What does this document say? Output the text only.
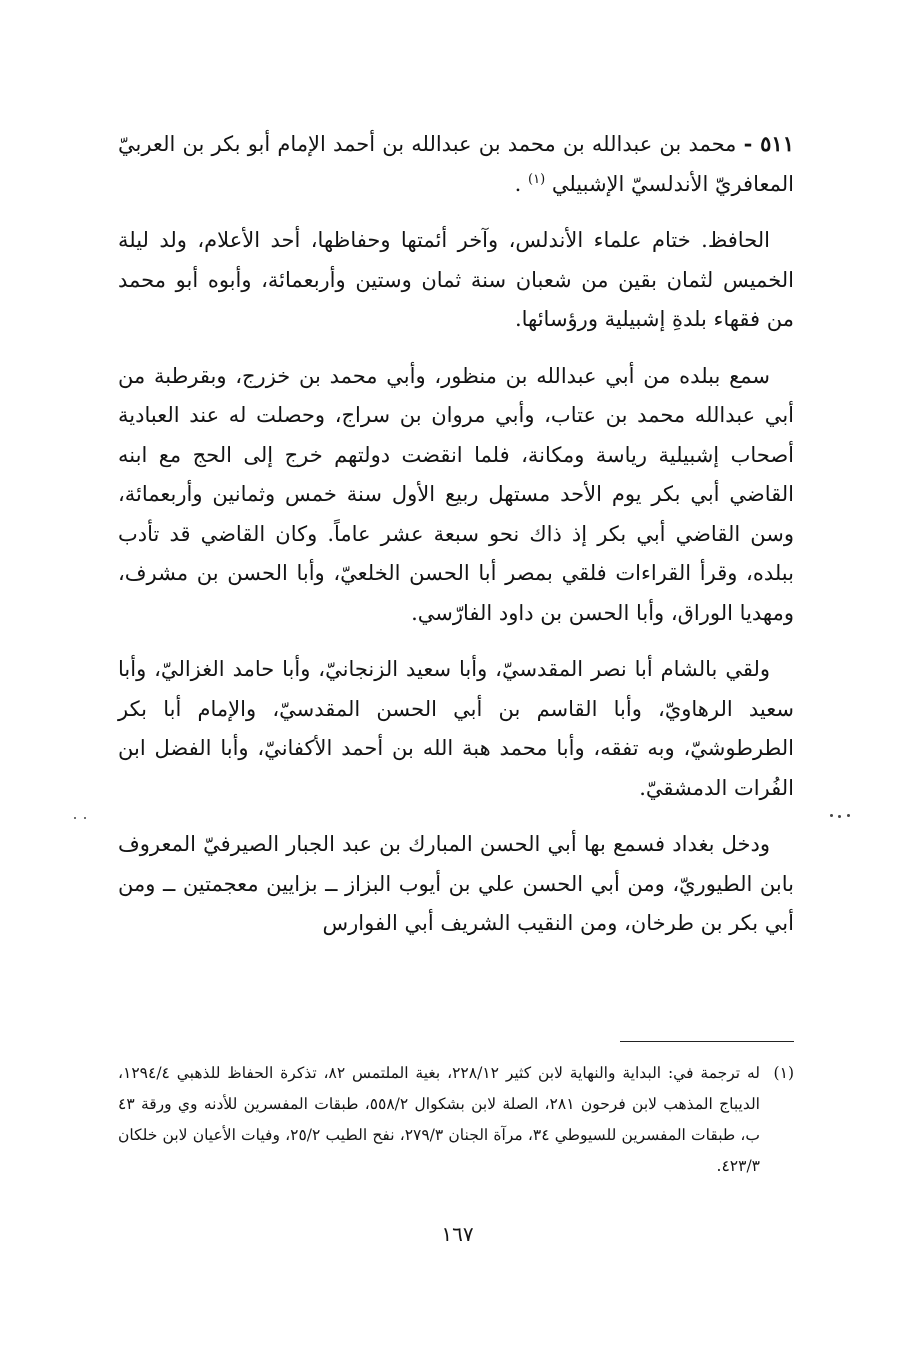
٥١١ - محمد بن عبدالله بن محمد بن عبدالله بن أحمد الإمام أبو بكر بن العربيّ المعافريّ الأندلسيّ الإشبيلي $^{(١)}$ .

الحافظ. ختام علماء الأندلس، وآخر أئمتها وحفاظها، أحد الأعلام، ولد ليلة الخميس لثمان بقين من شعبان سنة ثمان وستين وأربعمائة، وأبوه أبو محمد من فقهاء بلدةِ إشبيلية ورؤسائها.

سمع ببلده من أبي عبدالله بن منظور، وأبي محمد بن خزرج، وبقرطبة من أبي عبدالله محمد بن عتاب، وأبي مروان بن سراج، وحصلت له عند العبادية أصحاب إشبيلية رياسة ومكانة، فلما انقضت دولتهم خرج إلى الحج مع ابنه القاضي أبي بكر يوم الأحد مستهل ربيع الأول سنة خمس وثمانين وأربعمائة، وسن القاضي أبي بكر إذ ذاك نحو سبعة عشر عاماً. وكان القاضي قد تأدب ببلده، وقرأ القراءات فلقي بمصر أبا الحسن الخلعيّ، وأبا الحسن بن مشرف، ومهديا الوراق، وأبا الحسن بن داود الفارّسي.

ولقي بالشام أبا نصر المقدسيّ، وأبا سعيد الزنجانيّ، وأبا حامد الغزاليّ، وأبا سعيد الرهاويّ، وأبا القاسم بن أبي الحسن المقدسيّ، والإمام أبا بكر الطرطوشيّ، وبه تفقه، وأبا محمد هبة الله بن أحمد الأكفانيّ، وأبا الفضل ابن الفُرات الدمشقيّ.

ودخل بغداد فسمع بها أبي الحسن المبارك بن عبد الجبار الصيرفيّ المعروف بابن الطيوريّ، ومن أبي الحسن علي بن أيوب البزاز ــ بزايين معجمتين ــ ومن أبي بكر بن طرخان، ومن النقيب الشريف أبي الفوارس

(١)
له ترجمة في: البداية والنهاية لابن كثير ٢٢٨/١٢، بغية الملتمس ٨٢، تذكرة الحفاظ للذهبي ١٢٩٤/٤، الديباج المذهب لابن فرحون ٢٨١، الصلة لابن بشكوال ٥٥٨/٢، طبقات المفسرين للأدنه وي ورقة ٤٣ ب، طبقات المفسرين للسيوطي ٣٤، مرآة الجنان ٢٧٩/٣، نفح الطيب ٢٥/٢، وفيات الأعيان لابن خلكان ٤٢٣/٣.
١٦٧
